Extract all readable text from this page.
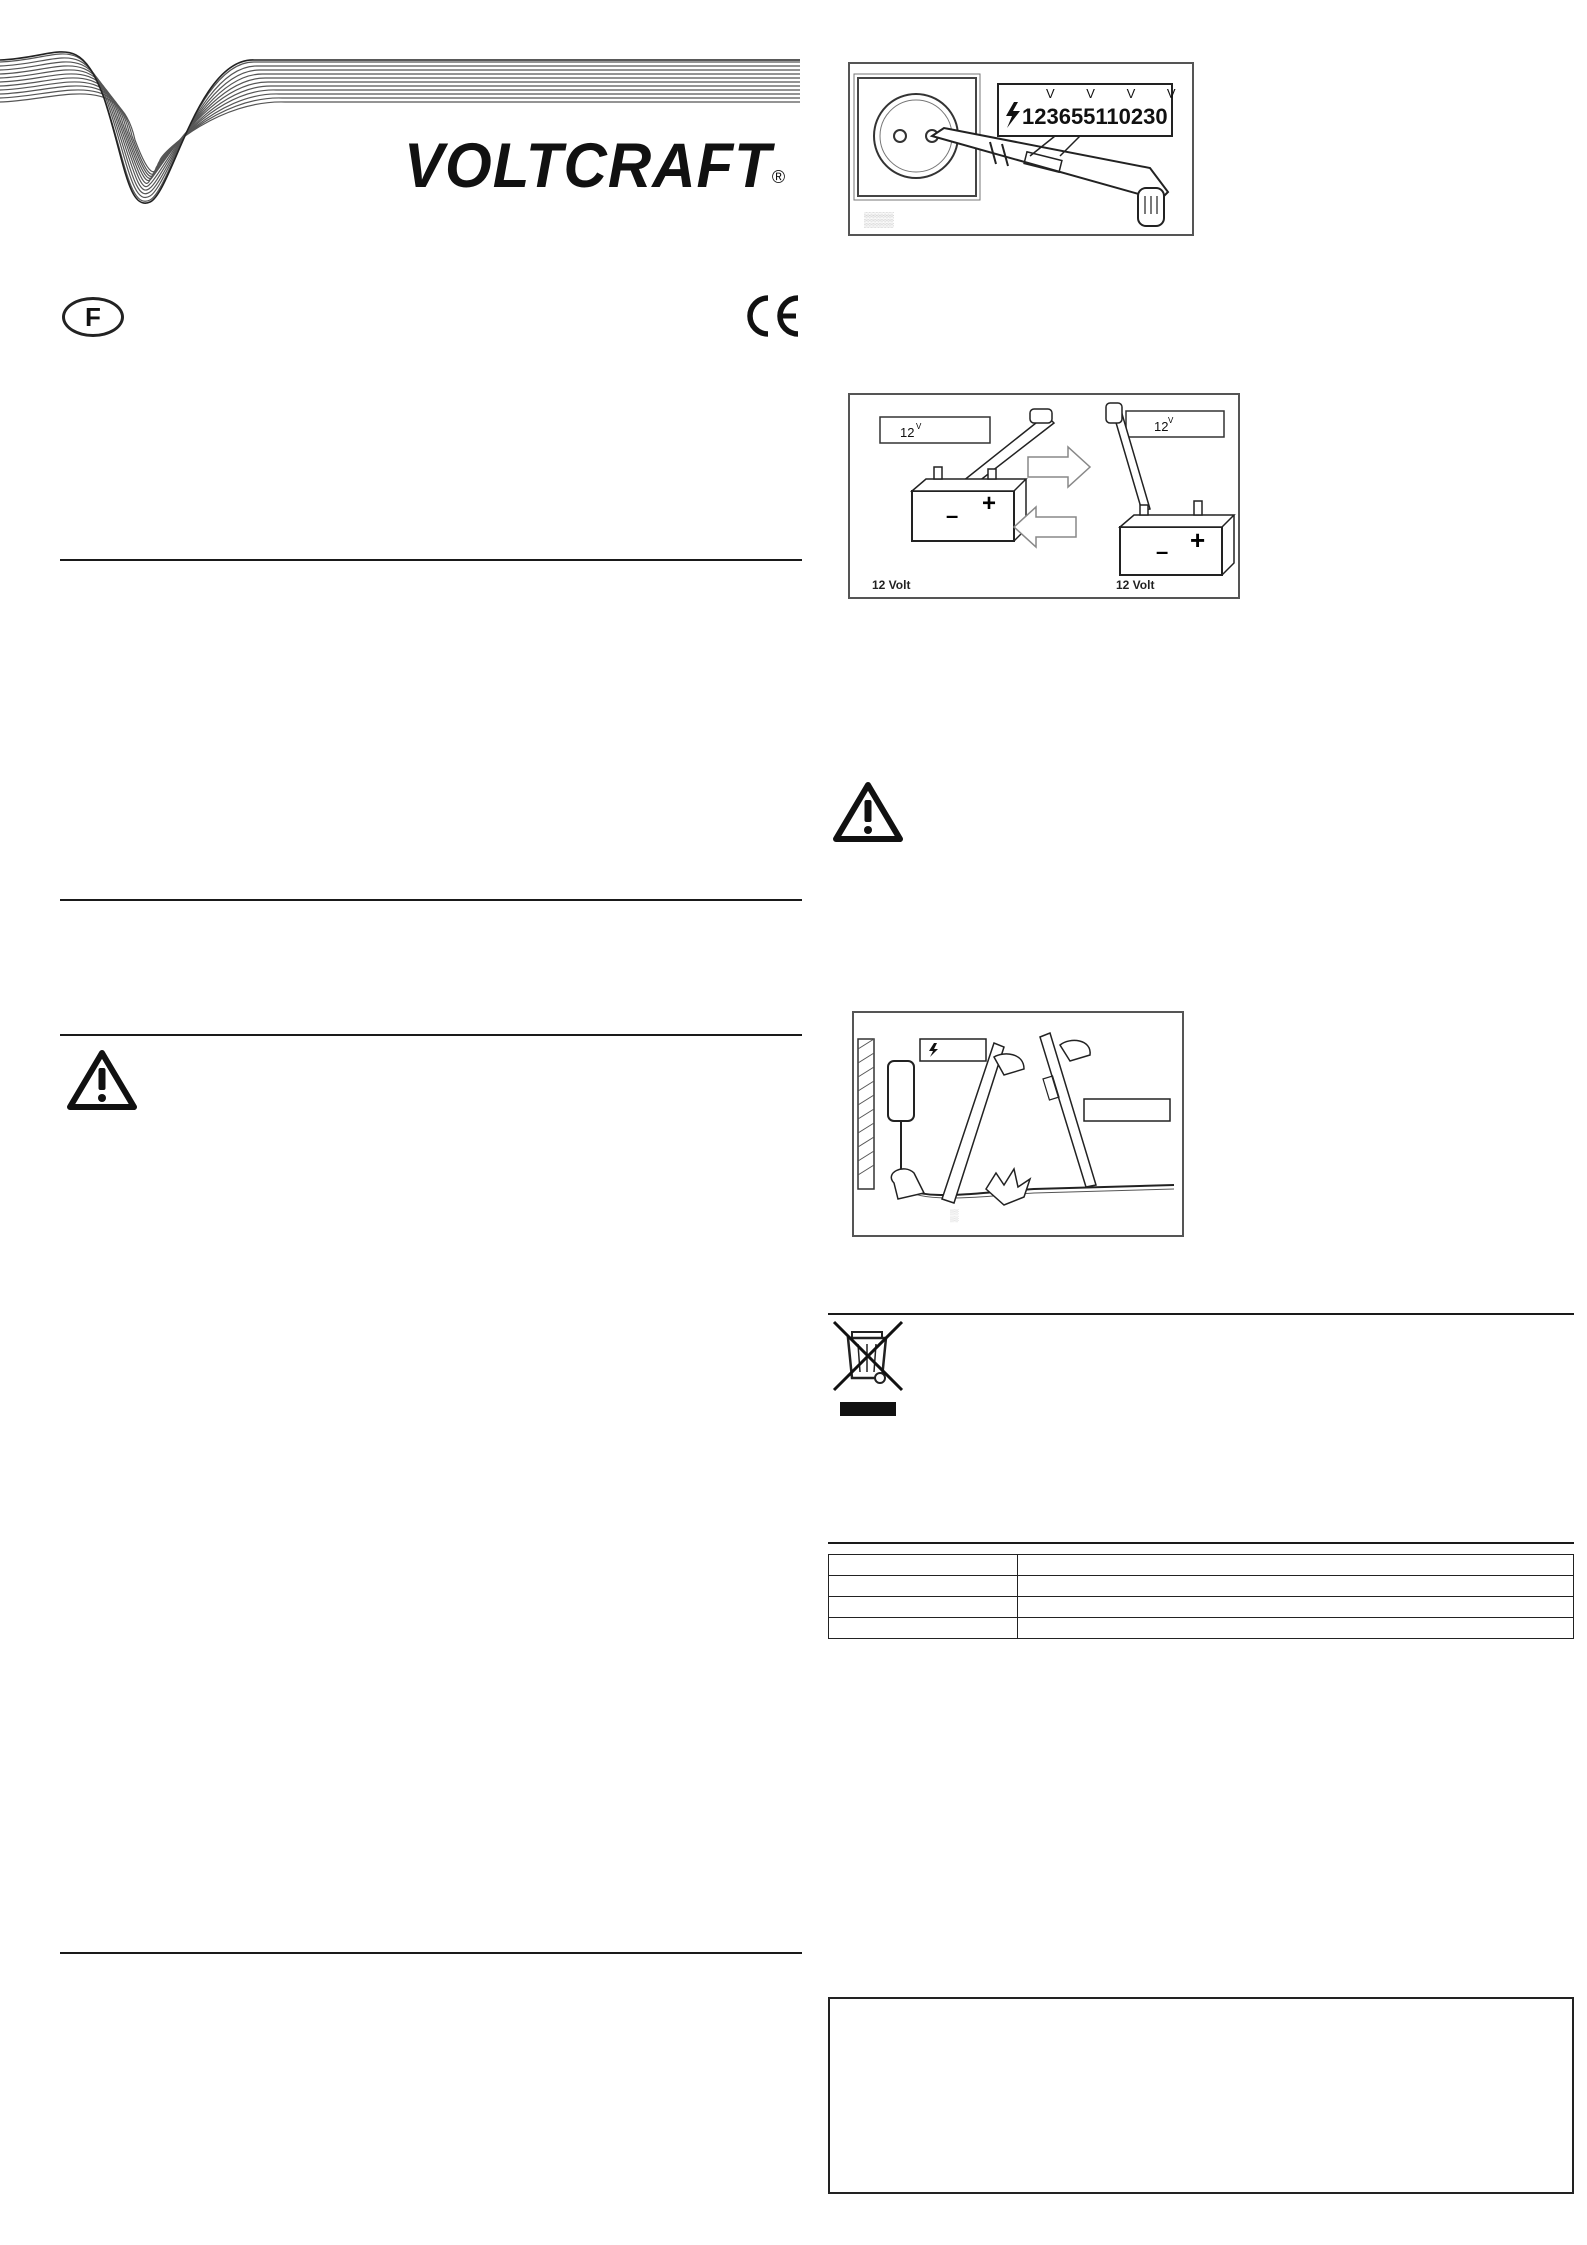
VOLTCRAFT®
F
123655110230
V V V V
▒▒▒
12 V
– +
12 V
– +
12 Volt	12 Volt
▒
